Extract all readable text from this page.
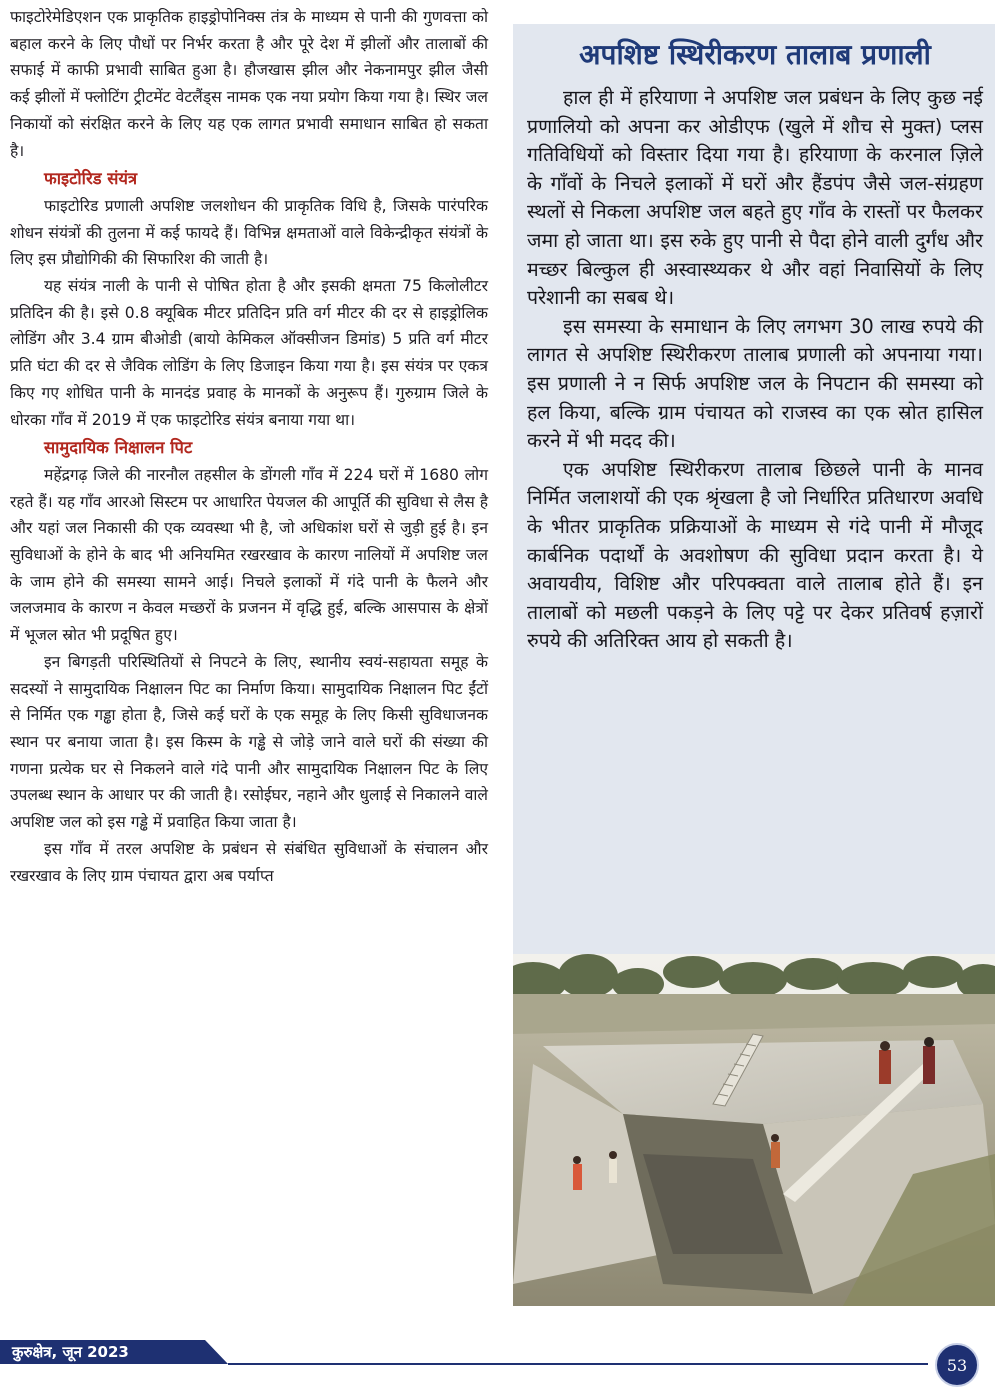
फाइटोरेमेडिएशन एक प्राकृतिक हाइड्रोपोनिक्स तंत्र के माध्यम से पानी की गुणवत्ता को बहाल करने के लिए पौधों पर निर्भर करता है और पूरे देश में झीलों और तालाबों की सफाई में काफी प्रभावी साबित हुआ है। हौजखास झील और नेकनामपुर झील जैसी कई झीलों में फ्लोटिंग ट्रीटमेंट वेटलैंड्स नामक एक नया प्रयोग किया गया है। स्थिर जल निकायों को संरक्षित करने के लिए यह एक लागत प्रभावी समाधान साबित हो सकता है।

फाइटोरिड संयंत्र

फाइटोरिड प्रणाली अपशिष्ट जलशोधन की प्राकृतिक विधि है, जिसके पारंपरिक शोधन संयंत्रों की तुलना में कई फायदे हैं। विभिन्न क्षमताओं वाले विकेन्द्रीकृत संयंत्रों के लिए इस प्रौद्योगिकी की सिफारिश की जाती है।

यह संयंत्र नाली के पानी से पोषित होता है और इसकी क्षमता 75 किलोलीटर प्रतिदिन की है। इसे 0.8 क्यूबिक मीटर प्रतिदिन प्रति वर्ग मीटर की दर से हाइड्रोलिक लोडिंग और 3.4 ग्राम बीओडी (बायो केमिकल ऑक्सीजन डिमांड) 5 प्रति वर्ग मीटर प्रति घंटा की दर से जैविक लोडिंग के लिए डिजाइन किया गया है। इस संयंत्र पर एकत्र किए गए शोधित पानी के मानदंड प्रवाह के मानकों के अनुरूप हैं। गुरुग्राम जिले के धोरका गाँव में 2019 में एक फाइटोरिड संयंत्र बनाया गया था।

सामुदायिक निक्षालन पिट

महेंद्रगढ़ जिले की नारनौल तहसील के डोंगली गाँव में 224 घरों में 1680 लोग रहते हैं। यह गाँव आरओ सिस्टम पर आधारित पेयजल की आपूर्ति की सुविधा से लैस है और यहां जल निकासी की एक व्यवस्था भी है, जो अधिकांश घरों से जुड़ी हुई है। इन सुविधाओं के होने के बाद भी अनियमित रखरखाव के कारण नालियों में अपशिष्ट जल के जाम होने की समस्या सामने आई। निचले इलाकों में गंदे पानी के फैलने और जलजमाव के कारण न केवल मच्छरों के प्रजनन में वृद्धि हुई, बल्कि आसपास के क्षेत्रों में भूजल स्रोत भी प्रदूषित हुए।

इन बिगड़ती परिस्थितियों से निपटने के लिए, स्थानीय स्वयं-सहायता समूह के सदस्यों ने सामुदायिक निक्षालन पिट का निर्माण किया। सामुदायिक निक्षालन पिट ईंटों से निर्मित एक गड्ढा होता है, जिसे कई घरों के एक समूह के लिए किसी सुविधाजनक स्थान पर बनाया जाता है। इस किस्म के गड्ढे से जोड़े जाने वाले घरों की संख्या की गणना प्रत्येक घर से निकलने वाले गंदे पानी और सामुदायिक निक्षालन पिट के लिए उपलब्ध स्थान के आधार पर की जाती है। रसोईघर, नहाने और धुलाई से निकालने वाले अपशिष्ट जल को इस गड्ढे में प्रवाहित किया जाता है।

इस गाँव में तरल अपशिष्ट के प्रबंधन से संबंधित सुविधाओं के संचालन और रखरखाव के लिए ग्राम पंचायत द्वारा अब पर्याप्त

अपशिष्ट स्थिरीकरण तालाब प्रणाली

हाल ही में हरियाणा ने अपशिष्ट जल प्रबंधन के लिए कुछ नई प्रणालियो को अपना कर ओडीएफ (खुले में शौच से मुक्त) प्लस गतिविधियों को विस्तार दिया गया है। हरियाणा के करनाल ज़िले के गाँवों के निचले इलाकों में घरों और हैंडपंप जैसे जल-संग्रहण स्थलों से निकला अपशिष्ट जल बहते हुए गाँव के रास्तों पर फैलकर जमा हो जाता था। इस रुके हुए पानी से पैदा होने वाली दुर्गंध और मच्छर बिल्कुल ही अस्वास्थ्यकर थे और वहां निवासियों के लिए परेशानी का सबब थे।

इस समस्या के समाधान के लिए लगभग 30 लाख रुपये की लागत से अपशिष्ट स्थिरीकरण तालाब प्रणाली को अपनाया गया। इस प्रणाली ने न सिर्फ अपशिष्ट जल के निपटान की समस्या को हल किया, बल्कि ग्राम पंचायत को राजस्व का एक स्रोत हासिल करने में भी मदद की।

एक अपशिष्ट स्थिरीकरण तालाब छिछले पानी के मानव निर्मित जलाशयों की एक श्रृंखला है जो निर्धारित प्रतिधारण अवधि के भीतर प्राकृतिक प्रक्रियाओं के माध्यम से गंदे पानी में मौजूद कार्बनिक पदार्थों के अवशोषण की सुविधा प्रदान करता है। ये अवायवीय, विशिष्ट और परिपक्वता वाले तालाब होते हैं। इन तालाबों को मछली पकड़ने के लिए पट्टे पर देकर प्रतिवर्ष हज़ारों रुपये की अतिरिक्त आय हो सकती है।

कुरुक्षेत्र, जून 2023
53
